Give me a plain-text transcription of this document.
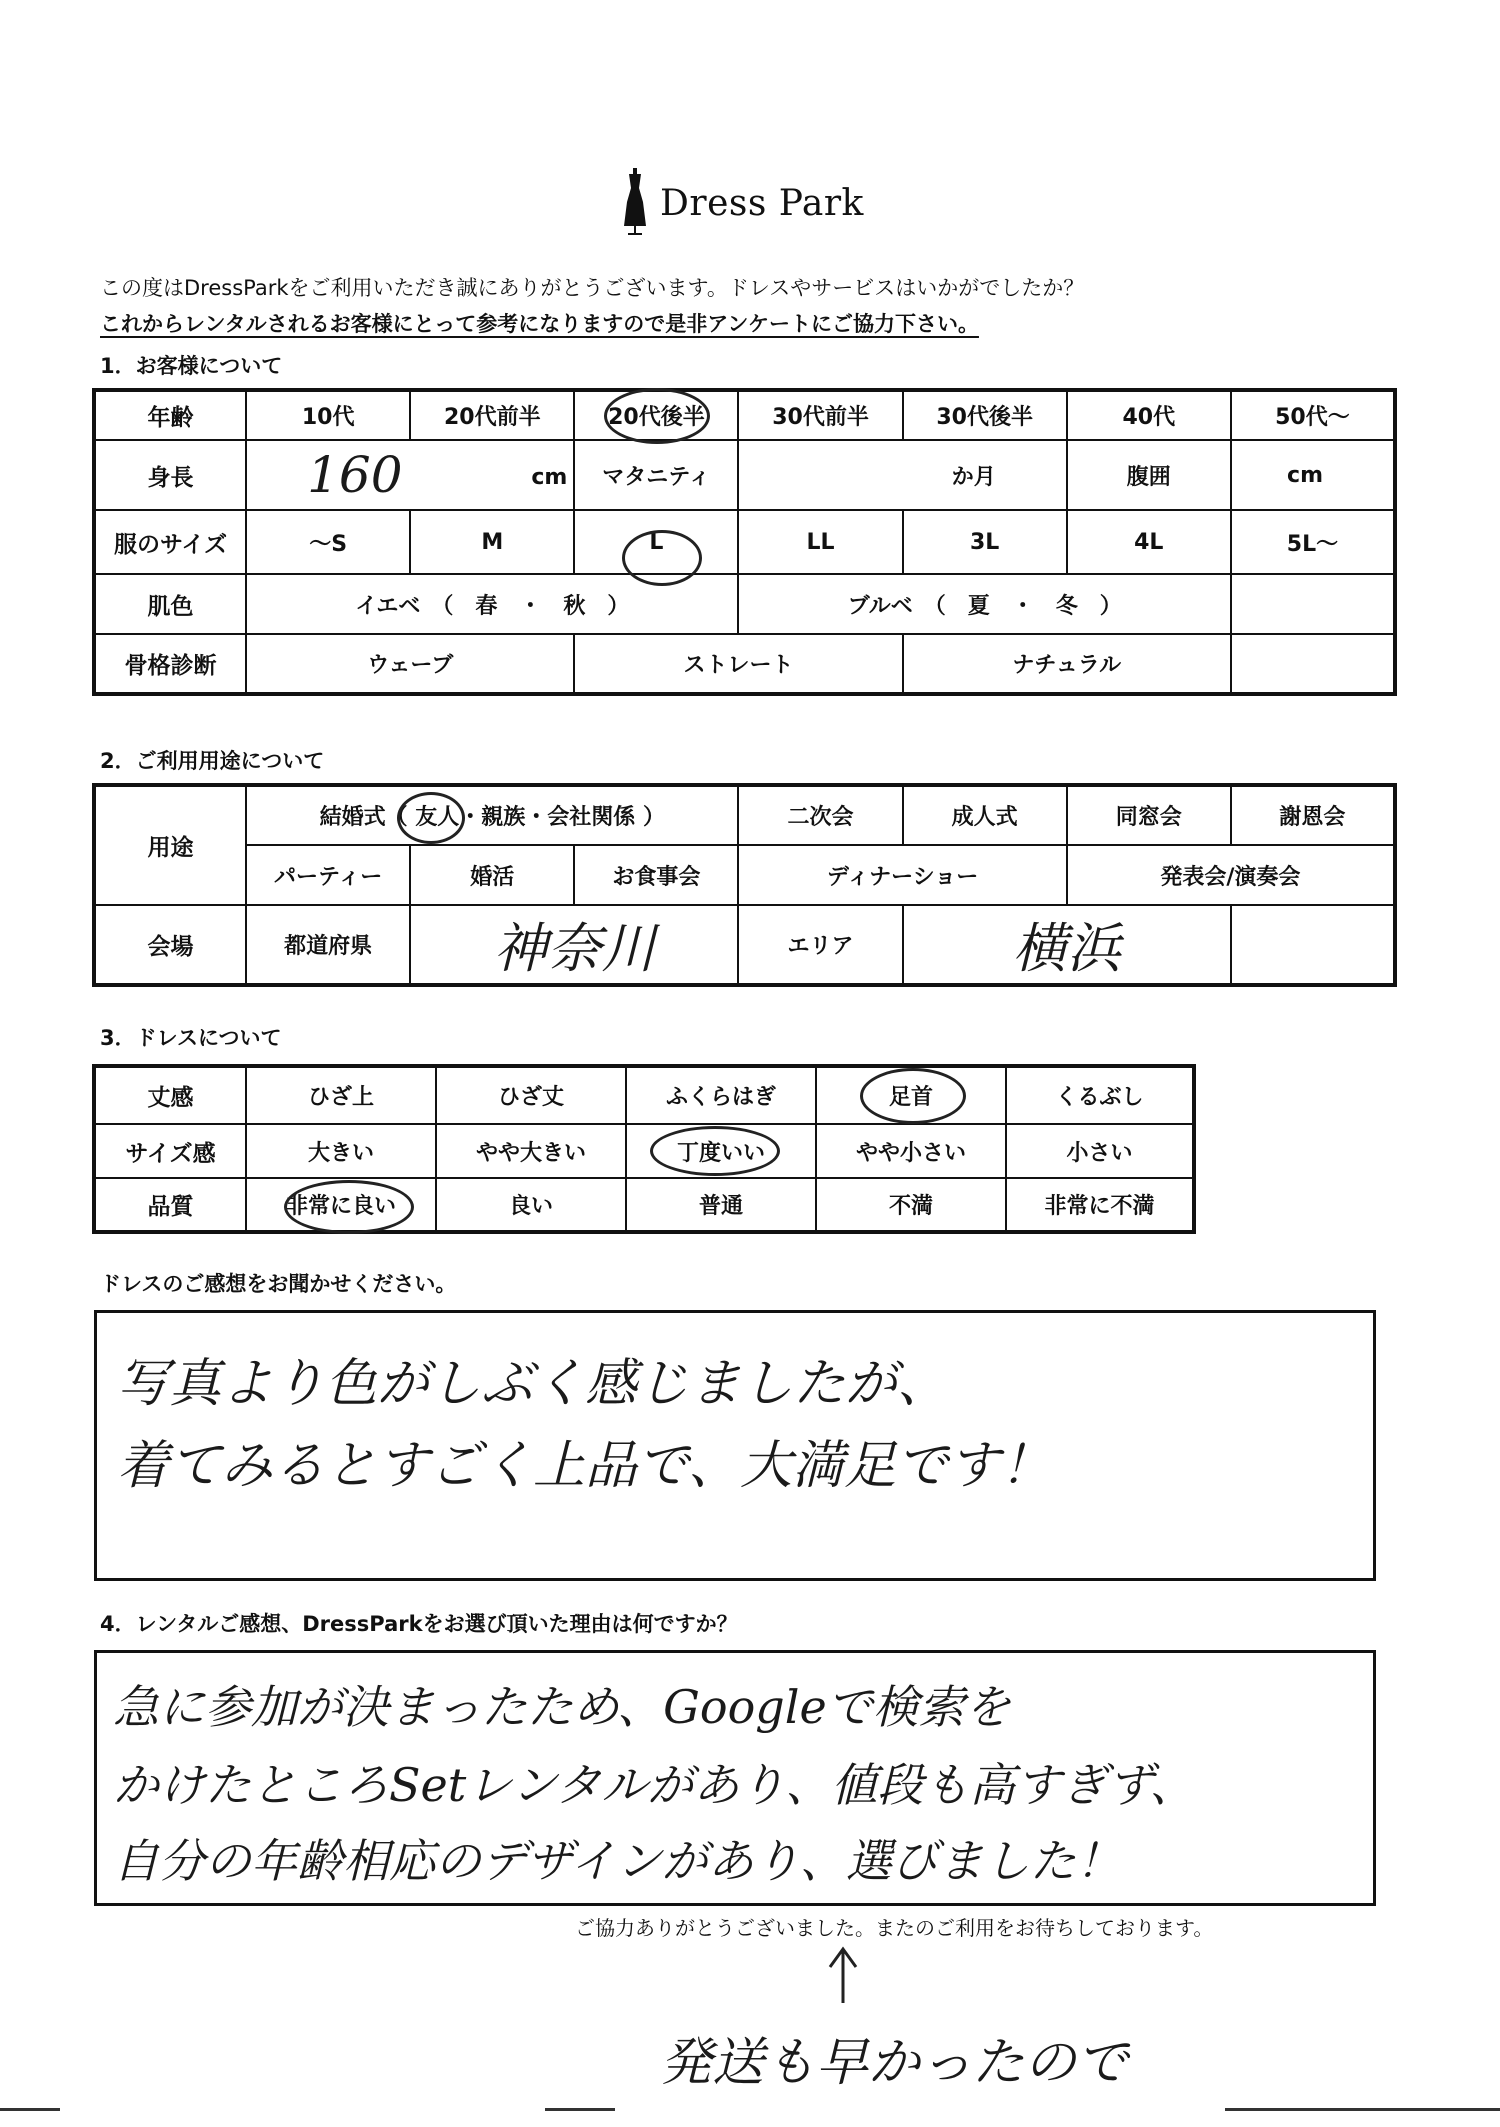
Dress Park
この度はDressParkをご利用いただき誠にありがとうございます。ドレスやサービスはいかがでしたか？
これからレンタルされるお客様にとって参考になりますので是非アンケートにご協力下さい。
1．お客様について
年齢	10代	20代前半	20代後半	30代前半	30代後半	40代	50代～
身長	160 cm		マタニティ	か月		腹囲	cm
服のサイズ	～S	M	L	LL	3L	4L	5L～
肌色	イエベ　（　春　・　秋　）			ブルベ　（　夏　・　冬　）			
骨格診断	ウェーブ		ストレート		ナチュラル		
2．ご利用用途について
用途	結婚式（ 友人・親族・会社関係 ）			二次会	成人式	同窓会	謝恩会
	パーティー	婚活	お食事会	ディナーショー		発表会/演奏会	
会場	都道府県	神奈川		エリア	横浜		
3．ドレスについて
丈感	ひざ上	ひざ丈	ふくらはぎ	足首	くるぶし
サイズ感	大きい	やや大きい	丁度いい	やや小さい	小さい
品質	非常に良い	良い	普通	不満	非常に不満
ドレスのご感想をお聞かせください。
写真より色がしぶく感じましたが、
着てみるとすごく上品で、大満足です！
4．レンタルご感想、DressParkをお選び頂いた理由は何ですか？
急に参加が決まったため、Googleで検索を
かけたところSetレンタルがあり、値段も高すぎず、
自分の年齢相応のデザインがあり、選びました！
ご協力ありがとうございました。またのご利用をお待ちしております。
発送も早かったので
